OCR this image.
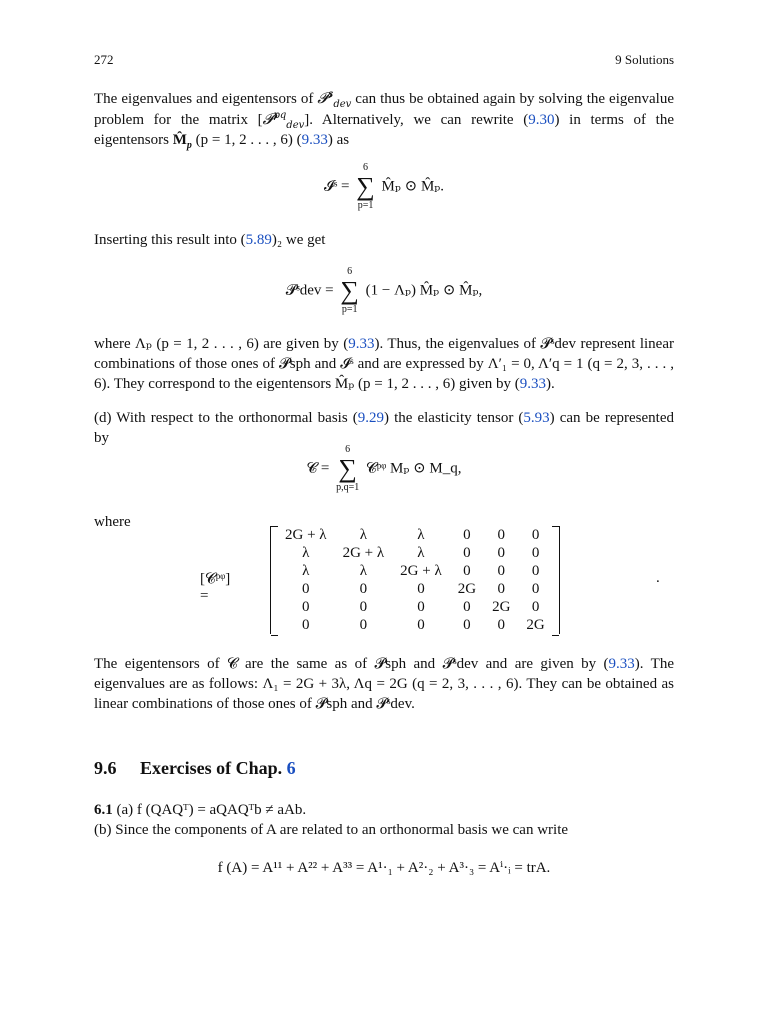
272	9 Solutions
The eigenvalues and eigentensors of 𝓟$^s_{dev}$ can thus be obtained again by solving the eigenvalue problem for the matrix [𝓟$^{pq}_{dev}$]. Alternatively, we can rewrite (9.30) in terms of the eigentensors $M̂_p$ (p = 1, 2 . . . , 6) (9.33) as
𝓘ˢ =
6
∑
p=1
M̂ₚ ⊙ M̂ₚ.
Inserting this result into (5.89)₂ we get
𝓟ˢdev =
6
∑
p=1
(1 − Λₚ) M̂ₚ ⊙ M̂ₚ,
where Λₚ (p = 1, 2 . . . , 6) are given by (9.33). Thus, the eigenvalues of 𝓟ˢdev represent linear combinations of those ones of 𝓟sph and 𝓘ˢ and are expressed by Λ′₁ = 0, Λ′q = 1 (q = 2, 3, . . . , 6). They correspond to the eigentensors M̂ₚ (p = 1, 2 . . . , 6) given by (9.33).
(d) With respect to the orthonormal basis (9.29) the elasticity tensor (5.93) can be represented by
𝓒 =
6
∑
p,q=1
𝓒ᵖᵠ Mₚ ⊙ M_q,
where
[𝓒ᵖᵠ] =
2G + λ	λ	λ	0	0	0
λ	2G + λ	λ	0	0	0
λ	λ	2G + λ	0	0	0
0	0	0	2G	0	0
0	0	0	0	2G	0
0	0	0	0	0	2G
.
The eigentensors of 𝓒 are the same as of 𝓟sph and 𝓟ˢdev and are given by (9.33). The eigenvalues are as follows: Λ₁ = 2G + 3λ, Λq = 2G (q = 2, 3, . . . , 6). They can be obtained as linear combinations of those ones of 𝓟sph and 𝓟ˢdev.
9.6 Exercises of Chap. 6
6.1 (a) f (QAQᵀ) = aQAQᵀb ≠ aAb.
(b) Since the components of A are related to an orthonormal basis we can write
f (A) = A¹¹ + A²² + A³³ = A¹·₁ + A²·₂ + A³·₃ = Aⁱ·ᵢ = trA.
